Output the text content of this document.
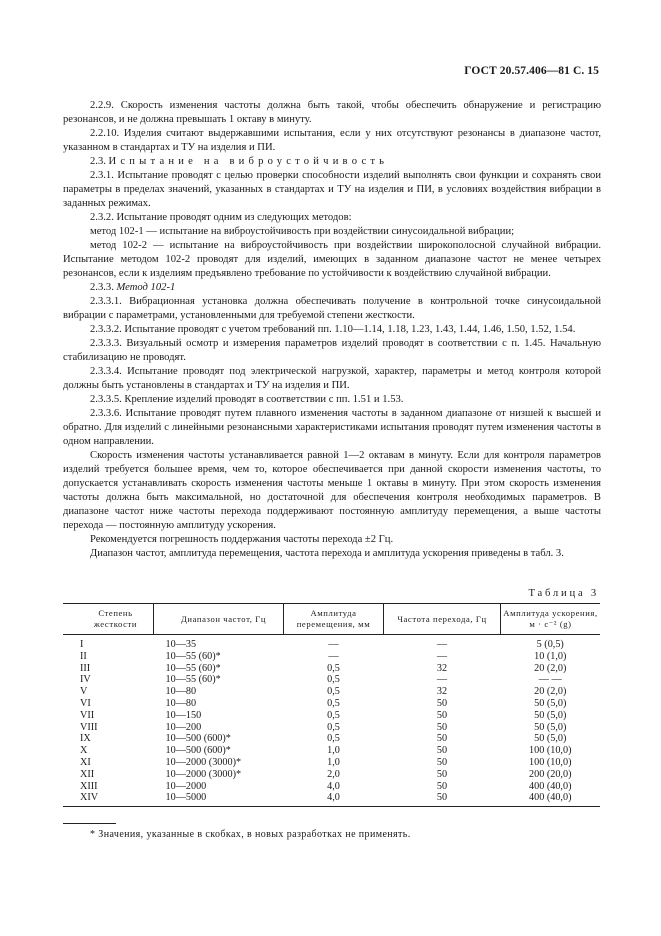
ГОСТ 20.57.406—81 С. 15

2.2.9. Скорость изменения частоты должна быть такой, чтобы обеспечить обнаружение и регистрацию резонансов, и не должна превышать 1 октаву в минуту.

2.2.10. Изделия считают выдержавшими испытания, если у них отсутствуют резонансы в диапазоне частот, указанном в стандартах и ТУ на изделия и ПИ.

2.3. Испытание на виброустойчивость

2.3.1. Испытание проводят с целью проверки способности изделий выполнять свои функции и сохранять свои параметры в пределах значений, указанных в стандартах и ТУ на изделия и ПИ, в условиях воздействия вибрации в заданных режимах.

2.3.2. Испытание проводят одним из следующих методов:

метод 102-1 — испытание на виброустойчивость при воздействии синусоидальной вибрации;

метод 102-2 — испытание на виброустойчивость при воздействии широкополосной случайной вибрации. Испытание методом 102-2 проводят для изделий, имеющих в заданном диапазоне частот не менее четырех резонансов, если к изделиям предъявлено требование по устойчивости к воздействию случайной вибрации.

2.3.3. Метод 102-1

2.3.3.1. Вибрационная установка должна обеспечивать получение в контрольной точке синусоидальной вибрации с параметрами, установленными для требуемой степени жесткости.

2.3.3.2. Испытание проводят с учетом требований пп. 1.10—1.14, 1.18, 1.23, 1.43, 1.44, 1.46, 1.50, 1.52, 1.54.

2.3.3.3. Визуальный осмотр и измерения параметров изделий проводят в соответствии с п. 1.45. Начальную стабилизацию не проводят.

2.3.3.4. Испытание проводят под электрической нагрузкой, характер, параметры и метод контроля которой должны быть установлены в стандартах и ТУ на изделия и ПИ.

2.3.3.5. Крепление изделий проводят в соответствии с пп. 1.51 и 1.53.

2.3.3.6. Испытание проводят путем плавного изменения частоты в заданном диапазоне от низшей к высшей и обратно. Для изделий с линейными резонансными характеристиками испытания проводят путем изменения частоты в одном направлении.

Скорость изменения частоты устанавливается равной 1—2 октавам в минуту. Если для контроля параметров изделий требуется большее время, чем то, которое обеспечивается при данной скорости изменения частоты, то допускается устанавливать скорость изменения частоты меньше 1 октавы в минуту. При этом скорость изменения частоты должна быть максимальной, но достаточной для обеспечения контроля необходимых параметров. В диапазоне частот ниже частоты перехода поддерживают постоянную амплитуду перемещения, а выше частоты перехода — постоянную амплитуду ускорения.

Рекомендуется погрешность поддержания частоты перехода ±2 Гц.

Диапазон частот, амплитуда перемещения, частота перехода и амплитуда ускорения приведены в табл. 3.

Таблица 3
Степень жесткости	Диапазон частот, Гц	Амплитуда перемещения, мм	Частота перехода, Гц	Амплитуда ускорения, м · с⁻² (g)
I	10—35	—	—	5 (0,5)
II	10—55 (60)*	—	—	10 (1,0)
III	10—55 (60)*	0,5	32	20 (2,0)
IV	10—55 (60)*	0,5	—	— —
V	10—80	0,5	32	20 (2,0)
VI	10—80	0,5	50	50 (5,0)
VII	10—150	0,5	50	50 (5,0)
VIII	10—200	0,5	50	50 (5,0)
IX	10—500 (600)*	0,5	50	50 (5,0)
X	10—500 (600)*	1,0	50	100 (10,0)
XI	10—2000 (3000)*	1,0	50	100 (10,0)
XII	10—2000 (3000)*	2,0	50	200 (20,0)
XIII	10—2000	4,0	50	400 (40,0)
XIV	10—5000	4,0	50	400 (40,0)
* Значения, указанные в скобках, в новых разработках не применять.
